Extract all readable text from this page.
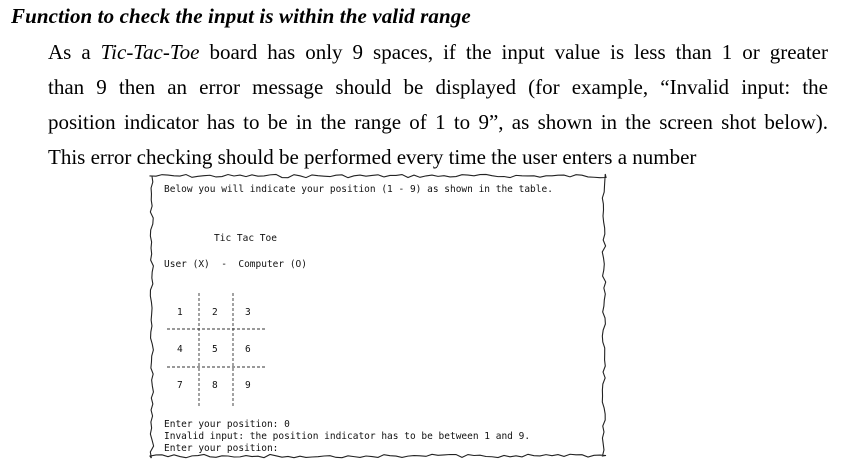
Function to check the input is within the valid range
As a Tic-Tac-Toe board has only 9 spaces, if the input value is less than 1 or greater
than 9 then an error message should be displayed (for example, “Invalid input: the
position indicator has to be in the range of 1 to 9”, as shown in the screen shot below).
This error checking should be performed every time the user enters a number
Below you will indicate your position (1 - 9) as shown in the table.
Tic Tac Toe
User (X)  -  Computer (O)
1	2	3
4	5	6
7	8	9
Enter your position: 0
Invalid input: the position indicator has to be between 1 and 9.
Enter your position:
